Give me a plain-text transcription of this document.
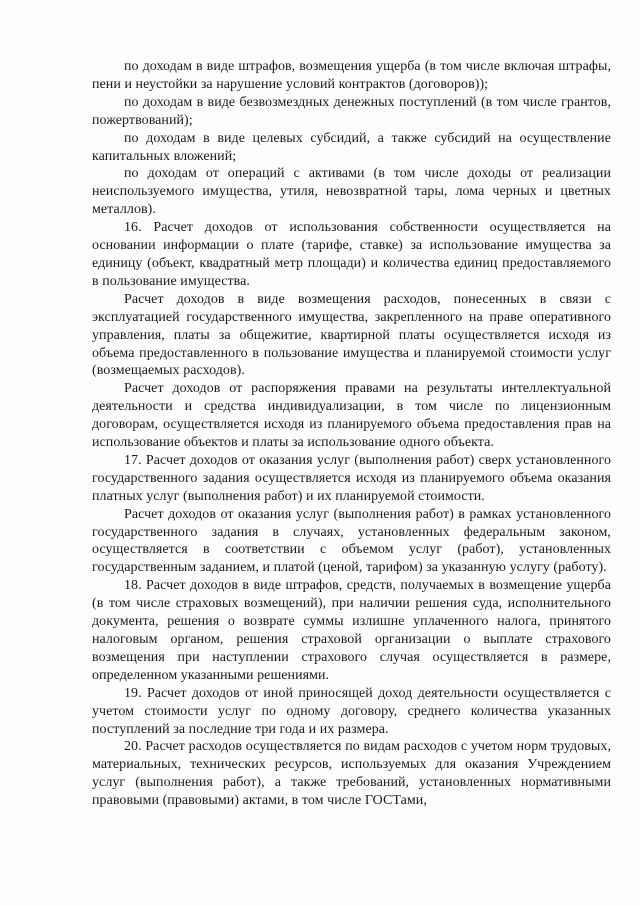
по доходам в виде штрафов, возмещения ущерба (в том числе включая штрафы, пени и неустойки за нарушение условий контрактов (договоров));

по доходам в виде безвозмездных денежных поступлений (в том числе грантов, пожертвований);

по доходам в виде целевых субсидий, а также субсидий на осуществление капитальных вложений;

по доходам от операций с активами (в том числе доходы от реализации неиспользуемого имущества, утиля, невозвратной тары, лома черных и цветных металлов).

16. Расчет доходов от использования собственности осуществляется на основании информации о плате (тарифе, ставке) за использование имущества за единицу (объект, квадратный метр площади) и количества единиц предоставляемого в пользование имущества.

Расчет доходов в виде возмещения расходов, понесенных в связи с эксплуатацией государственного имущества, закрепленного на праве оперативного управления, платы за общежитие, квартирной платы осуществляется исходя из объема предоставленного в пользование имущества и планируемой стоимости услуг (возмещаемых расходов).

Расчет доходов от распоряжения правами на результаты интеллектуальной деятельности и средства индивидуализации, в том числе по лицензионным договорам, осуществляется исходя из планируемого объема предоставления прав на использование объектов и платы за использование одного объекта.

17. Расчет доходов от оказания услуг (выполнения работ) сверх установленного государственного задания осуществляется исходя из планируемого объема оказания платных услуг (выполнения работ) и их планируемой стоимости.

Расчет доходов от оказания услуг (выполнения работ) в рамках установленного государственного задания в случаях, установленных федеральным законом, осуществляется в соответствии с объемом услуг (работ), установленных государственным заданием, и платой (ценой, тарифом) за указанную услугу (работу).

18. Расчет доходов в виде штрафов, средств, получаемых в возмещение ущерба (в том числе страховых возмещений), при наличии решения суда, исполнительного документа, решения о возврате суммы излишне уплаченного налога, принятого налоговым органом, решения страховой организации о выплате страхового возмещения при наступлении страхового случая осуществляется в размере, определенном указанными решениями.

19. Расчет доходов от иной приносящей доход деятельности осуществляется с учетом стоимости услуг по одному договору, среднего количества указанных поступлений за последние три года и их размера.

20. Расчет расходов осуществляется по видам расходов с учетом норм трудовых, материальных, технических ресурсов, используемых для оказания Учреждением услуг (выполнения работ), а также требований, установленных нормативными правовыми (правовыми) актами, в том числе ГОСТами,
